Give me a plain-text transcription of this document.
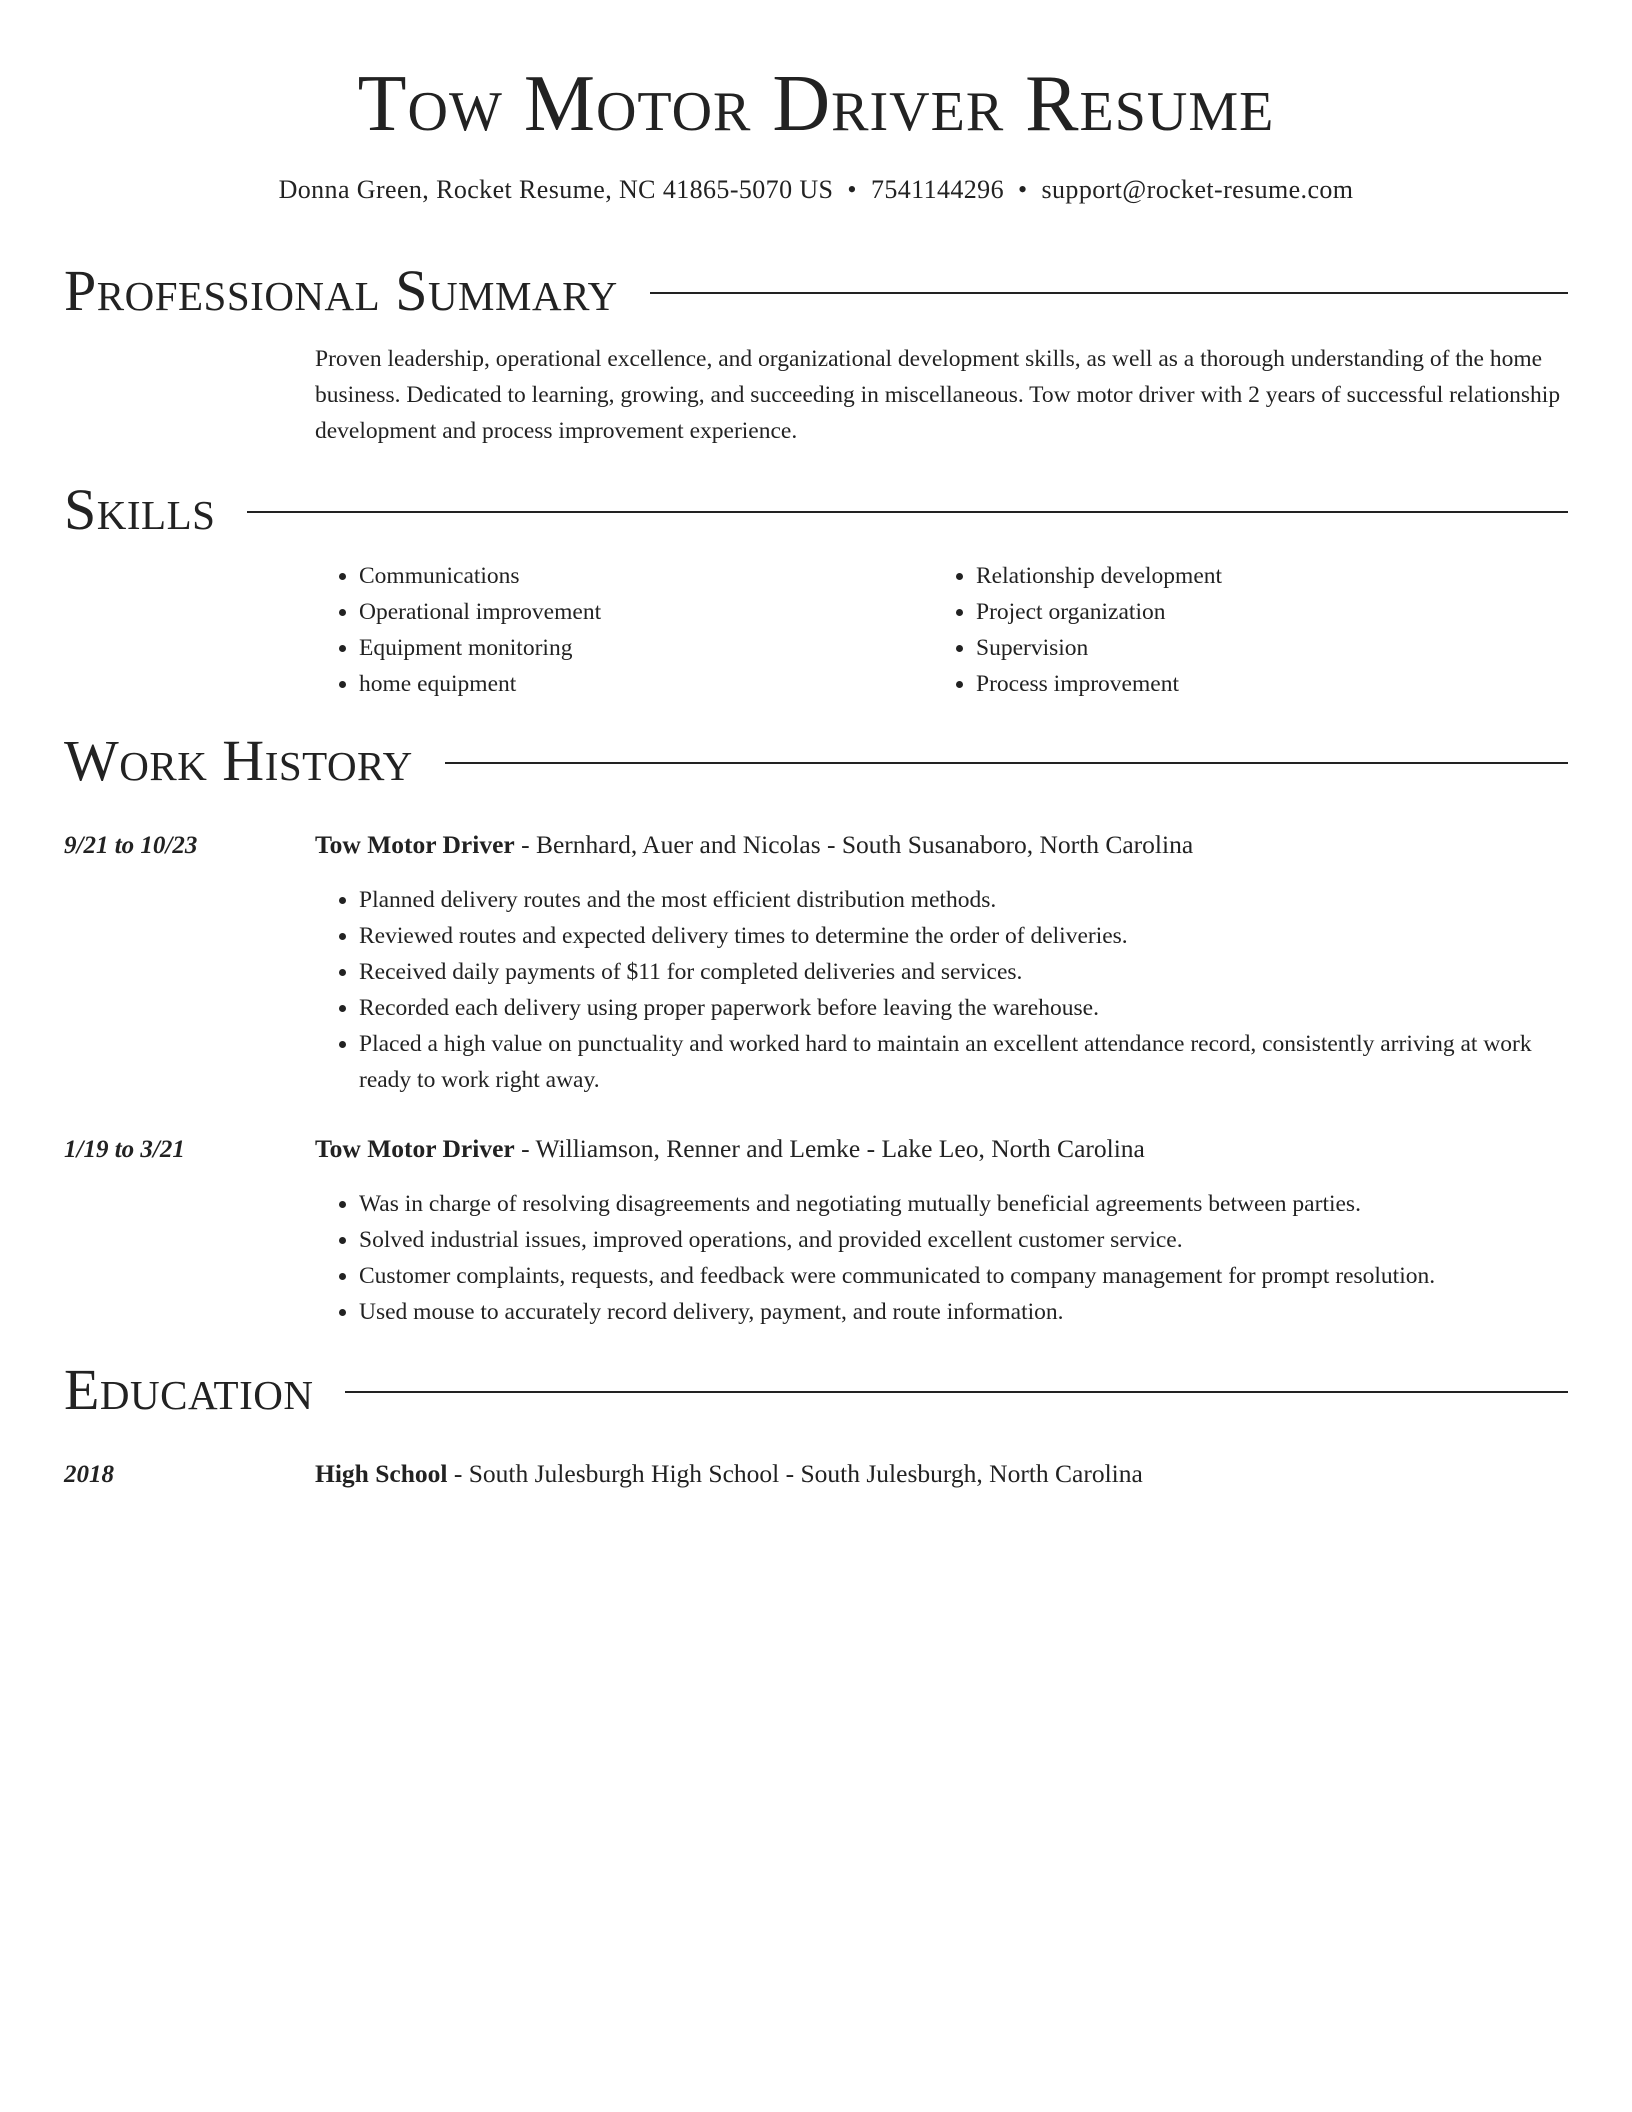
Tow Motor Driver Resume
Donna Green, Rocket Resume, NC 41865-5070 US • 7541144296 • support@rocket-resume.com
Professional Summary

Proven leadership, operational excellence, and organizational development skills, as well as a thorough understanding of the home business. Dedicated to learning, growing, and succeeding in miscellaneous. Tow motor driver with 2 years of successful relationship development and process improvement experience.

Skills
• Communications
• Operational improvement
• Equipment monitoring
• home equipment
• Relationship development
• Project organization
• Supervision
• Process improvement
Work History
9/21 to 10/23	Tow Motor Driver - Bernhard, Auer and Nicolas - South Susanaboro, North Carolina
• Planned delivery routes and the most efficient distribution methods.
• Reviewed routes and expected delivery times to determine the order of deliveries.
• Received daily payments of $11 for completed deliveries and services.
• Recorded each delivery using proper paperwork before leaving the warehouse.
• Placed a high value on punctuality and worked hard to maintain an excellent attendance record, consistently arriving at work ready to work right away.
1/19 to 3/21	Tow Motor Driver - Williamson, Renner and Lemke - Lake Leo, North Carolina
• Was in charge of resolving disagreements and negotiating mutually beneficial agreements between parties.
• Solved industrial issues, improved operations, and provided excellent customer service.
• Customer complaints, requests, and feedback were communicated to company management for prompt resolution.
• Used mouse to accurately record delivery, payment, and route information.
Education
2018	High School - South Julesburgh High School - South Julesburgh, North Carolina
